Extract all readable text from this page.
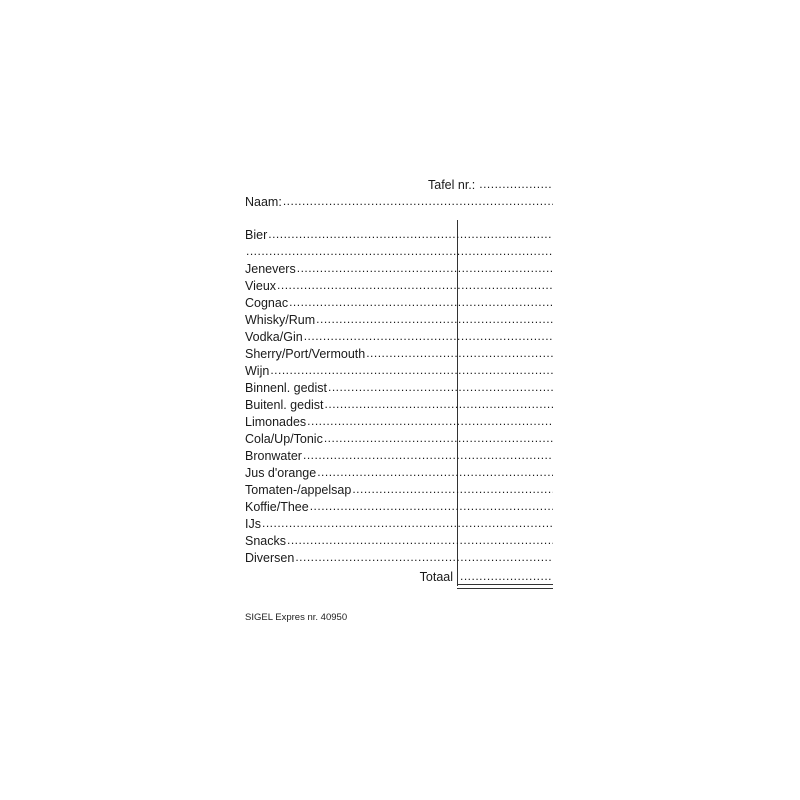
Tafel nr.:
.....
Naam:
.....
Bier
.....
.....
Jenevers
.....
Vieux
.....
Cognac
.....
Whisky/Rum
.....
Vodka/Gin
.....
Sherry/Port/Vermouth
.....
Wijn
.....
Binnenl. gedist
.....
Buitenl. gedist
.....
Limonades
.....
Cola/Up/Tonic
.....
Bronwater
.....
Jus d'orange
.....
Tomaten-/appelsap
.....
Koffie/Thee
.....
IJs
.....
Snacks
.....
Diversen
.....
Totaal
.....
SIGEL Expres nr. 40950
